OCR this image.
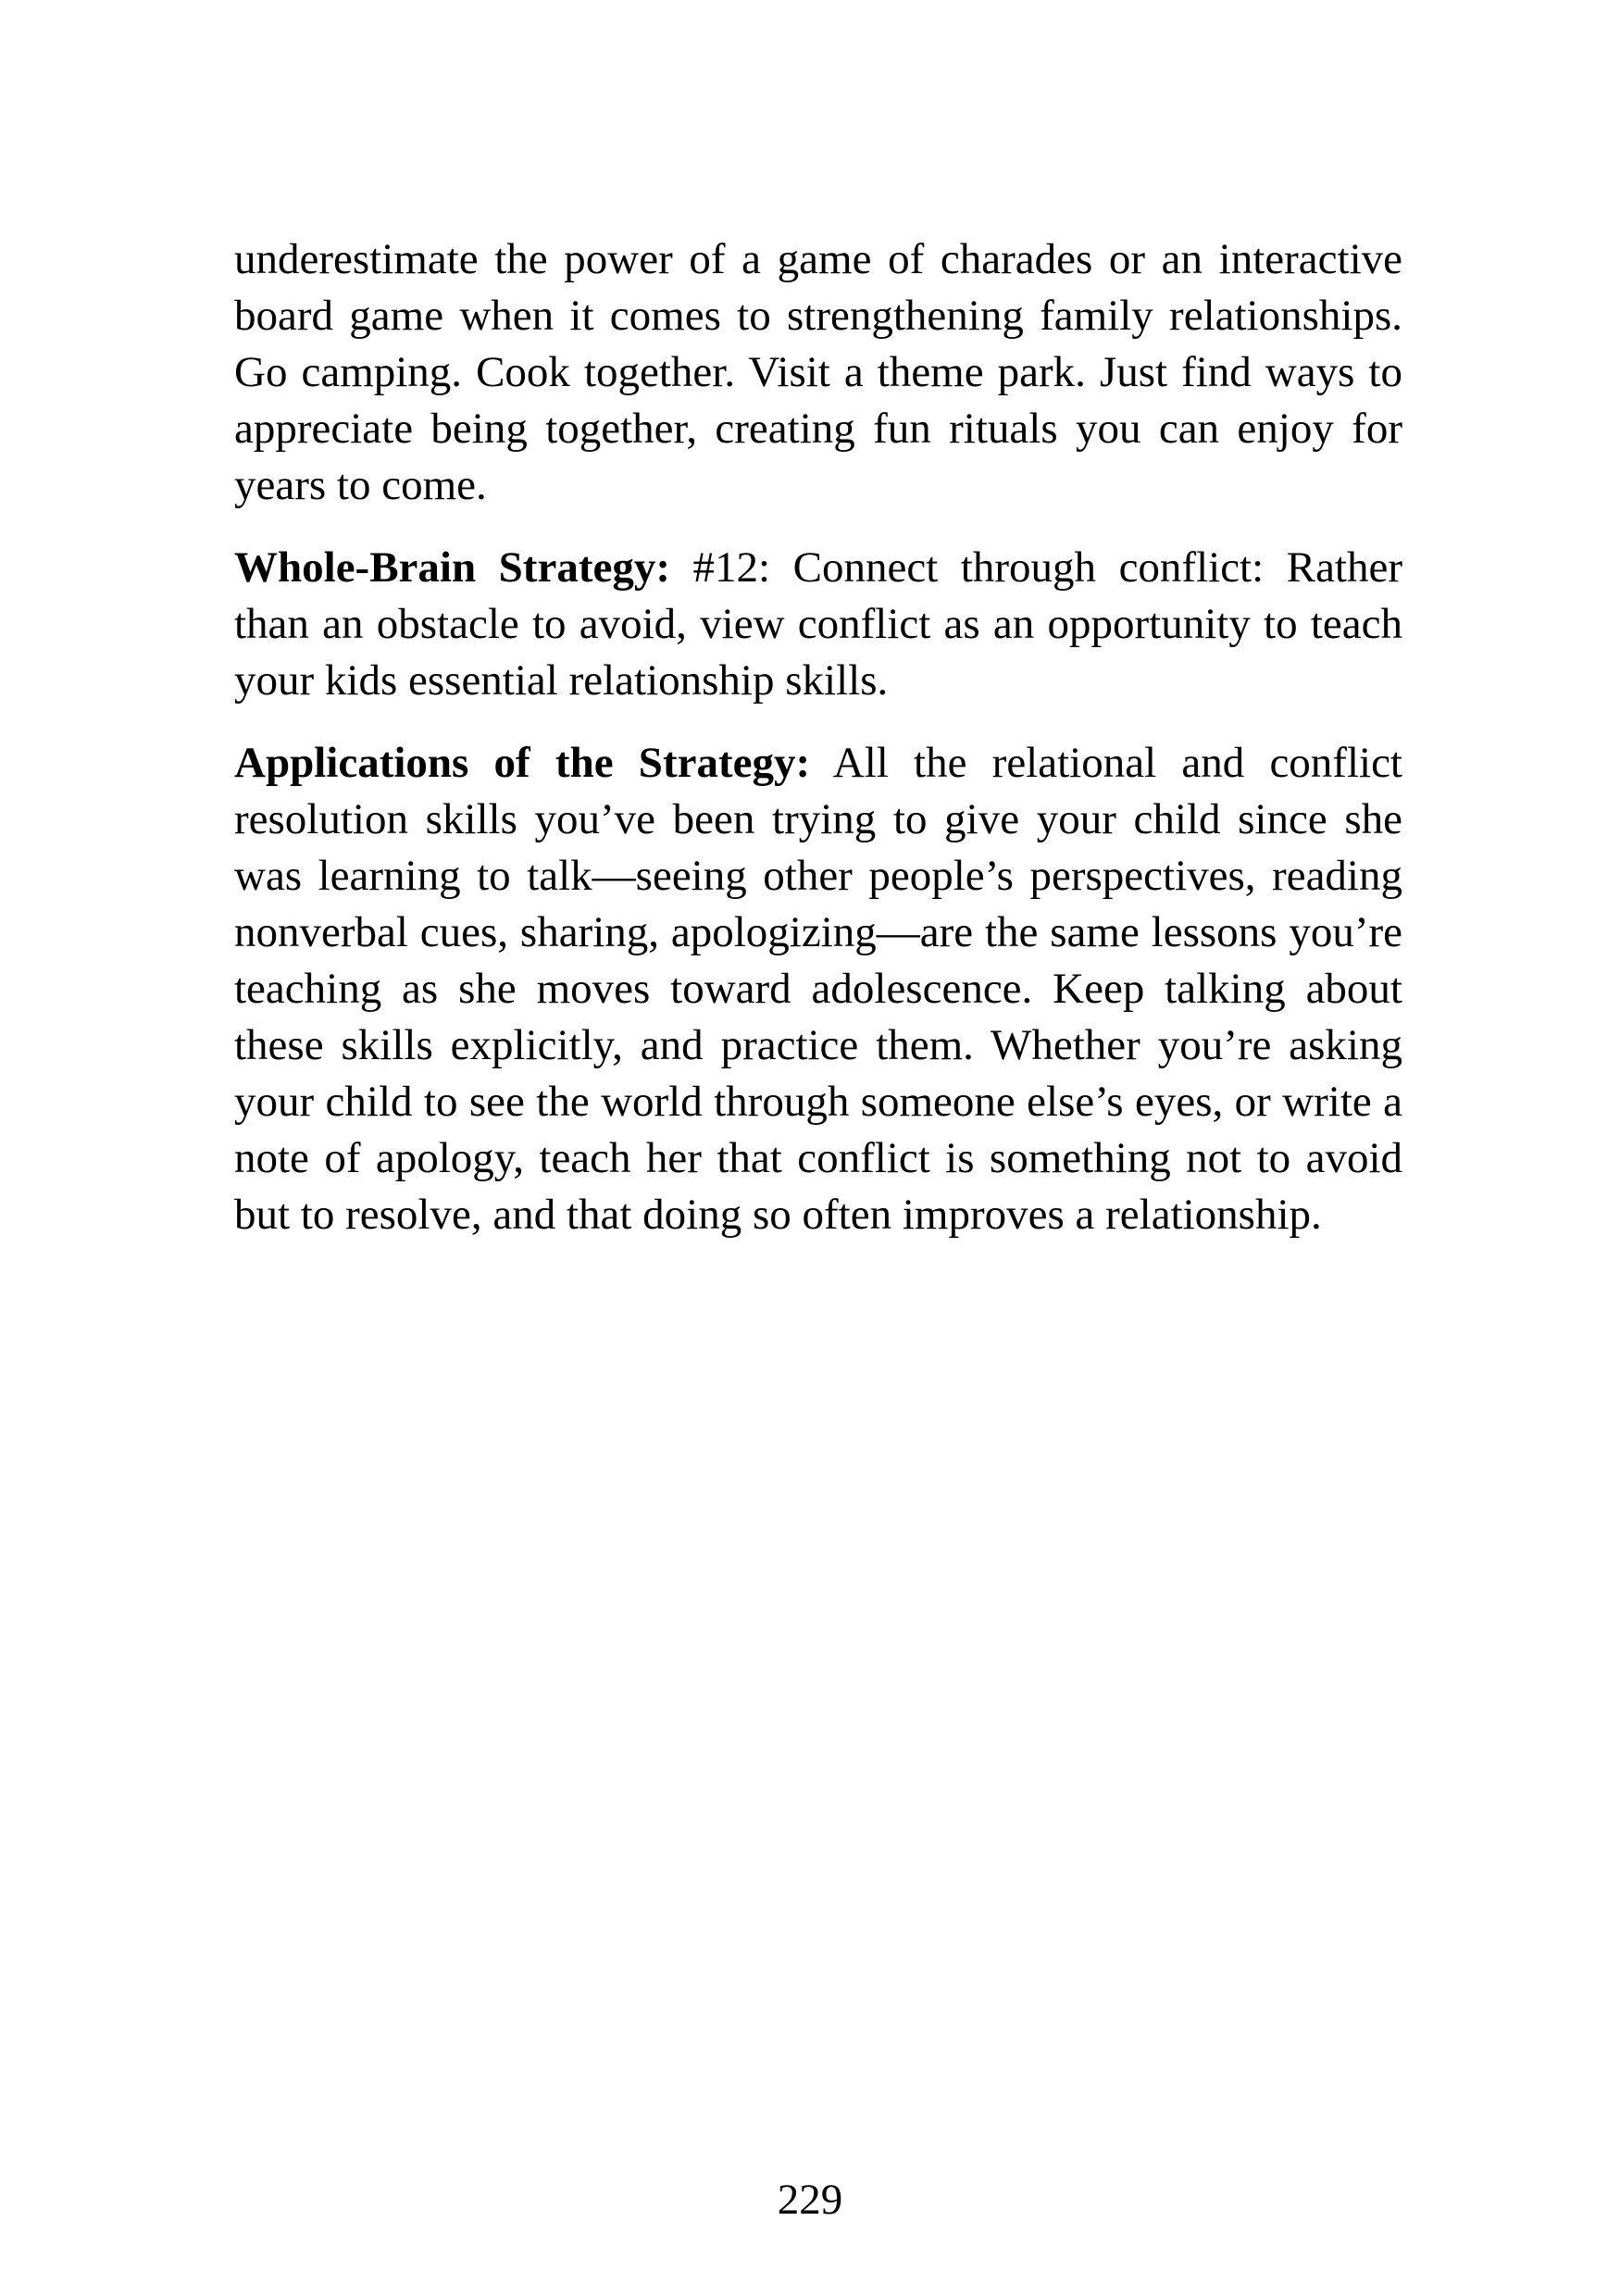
underestimate the power of a game of charades or an interactive board game when it comes to strengthening family relationships. Go camping. Cook together. Visit a theme park. Just find ways to appreciate being together, creating fun rituals you can enjoy for years to come.

Whole-Brain Strategy: #12: Connect through conflict: Rather than an obstacle to avoid, view conflict as an opportunity to teach your kids essential relationship skills.

Applications of the Strategy: All the relational and conflict resolution skills you’ve been trying to give your child since she was learning to talk—seeing other people’s perspectives, reading nonverbal cues, sharing, apologizing—are the same lessons you’re teaching as she moves toward adolescence. Keep talking about these skills explicitly, and practice them. Whether you’re asking your child to see the world through someone else’s eyes, or write a note of apology, teach her that conflict is something not to avoid but to resolve, and that doing so often improves a relationship.

229
